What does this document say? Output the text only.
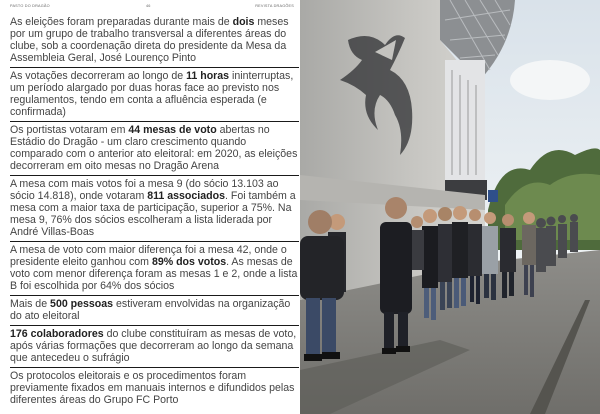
PASTO DO DRAGÃO	46	REVISTA DRAGÕES
As eleições foram preparadas durante mais de dois meses por um grupo de trabalho transversal a diferentes áreas do clube, sob a coordenação direta do presidente da Mesa da Assembleia Geral, José Lourenço Pinto
As votações decorreram ao longo de 11 horas ininterruptas, um período alargado por duas horas face ao previsto nos regulamentos, tendo em conta a afluência esperada (e confirmada)
Os portistas votaram em 44 mesas de voto abertas no Estádio do Dragão - um claro crescimento quando comparado com o anterior ato eleitoral: em 2020, as eleições decorreram em oito mesas no Dragão Arena
A mesa com mais votos foi a mesa 9 (do sócio 13.103 ao sócio 14.818), onde votaram 811 associados. Foi também a mesa com a maior taxa de participação, superior a 75%. Na mesa 9, 76% dos sócios escolheram a lista liderada por André Villas-Boas
A mesa de voto com maior diferença foi a mesa 42, onde o presidente eleito ganhou com 89% dos votos. As mesas de voto com menor diferença foram as mesas 1 e 2, onde a lista B foi escolhida por 64% dos sócios
Mais de 500 pessoas estiveram envolvidas na organização do ato eleitoral
176 colaboradores do clube constituíram as mesas de voto, após várias formações que decorreram ao longo da semana que antecedeu o sufrágio
Os protocolos eleitorais e os procedimentos foram previamente fixados em manuais internos e difundidos pelas diferentes áreas do Grupo FC Porto
